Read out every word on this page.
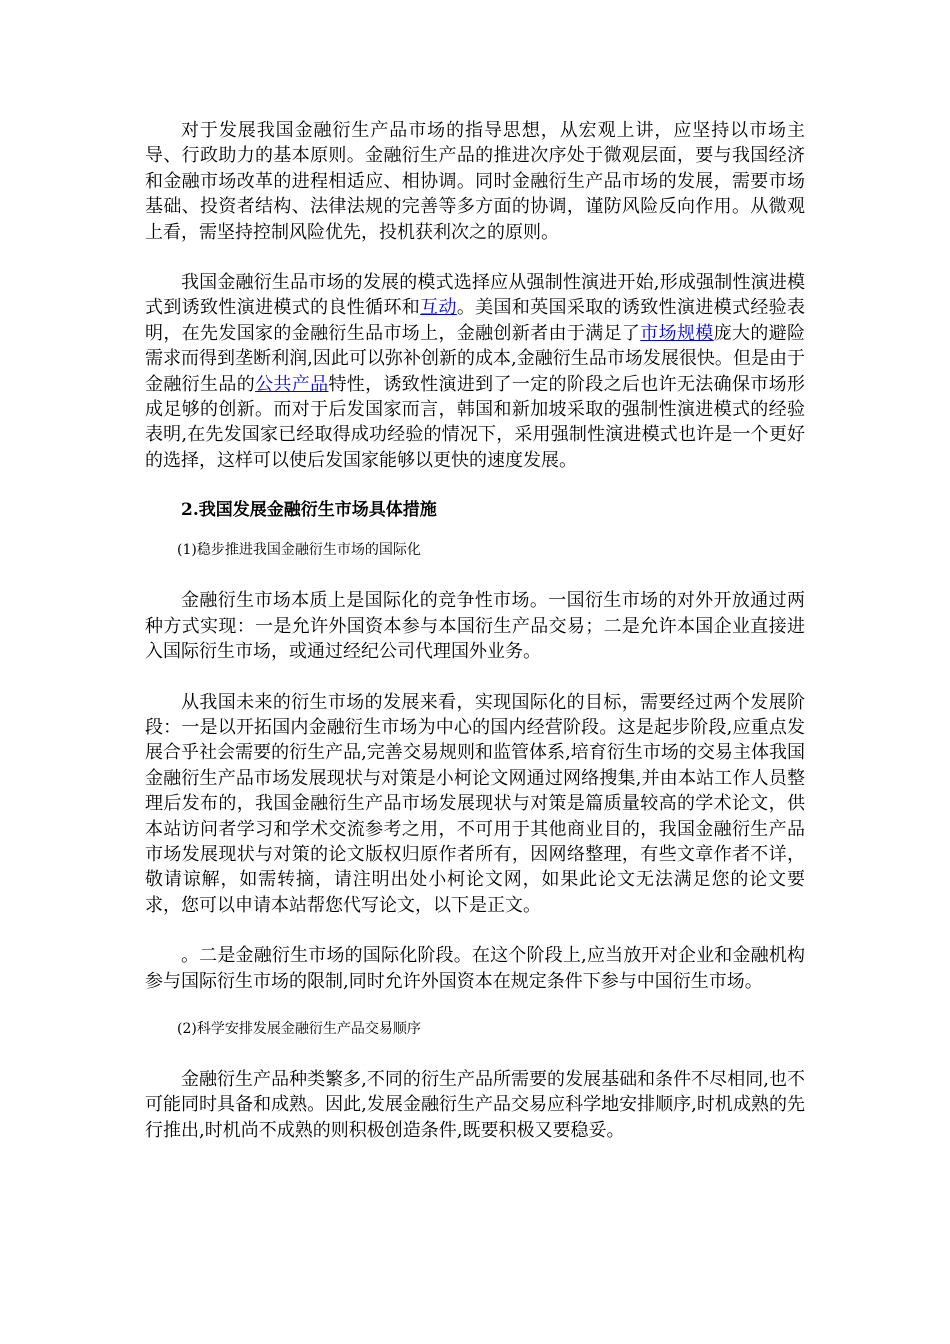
对于发展我国金融衍生产品市场的指导思想，从宏观上讲，应坚持以市场主导、行政助力的基本原则。金融衍生产品的推进次序处于微观层面，要与我国经济和金融市场改革的进程相适应、相协调。同时金融衍生产品市场的发展，需要市场基础、投资者结构、法律法规的完善等多方面的协调，谨防风险反向作用。从微观上看，需坚持控制风险优先，投机获利次之的原则。

我国金融衍生品市场的发展的模式选择应从强制性演进开始,形成强制性演进模式到诱致性演进模式的良性循环和互动。美国和英国采取的诱致性演进模式经验表明，在先发国家的金融衍生品市场上，金融创新者由于满足了市场规模庞大的避险需求而得到垄断利润,因此可以弥补创新的成本,金融衍生品市场发展很快。但是由于金融衍生品的公共产品特性，诱致性演进到了一定的阶段之后也许无法确保市场形成足够的创新。而对于后发国家而言，韩国和新加坡采取的强制性演进模式的经验表明,在先发国家已经取得成功经验的情况下，采用强制性演进模式也许是一个更好的选择，这样可以使后发国家能够以更快的速度发展。

2.我国发展金融衍生市场具体措施
(1)稳步推进我国金融衍生市场的国际化

金融衍生市场本质上是国际化的竞争性市场。一国衍生市场的对外开放通过两种方式实现：一是允许外国资本参与本国衍生产品交易；二是允许本国企业直接进入国际衍生市场，或通过经纪公司代理国外业务。

从我国未来的衍生市场的发展来看，实现国际化的目标，需要经过两个发展阶段：一是以开拓国内金融衍生市场为中心的国内经营阶段。这是起步阶段,应重点发展合乎社会需要的衍生产品,完善交易规则和监管体系,培育衍生市场的交易主体我国金融衍生产品市场发展现状与对策是小柯论文网通过网络搜集,并由本站工作人员整理后发布的，我国金融衍生产品市场发展现状与对策是篇质量较高的学术论文，供本站访问者学习和学术交流参考之用，不可用于其他商业目的，我国金融衍生产品市场发展现状与对策的论文版权归原作者所有，因网络整理，有些文章作者不详，敬请谅解，如需转摘，请注明出处小柯论文网，如果此论文无法满足您的论文要求，您可以申请本站帮您代写论文，以下是正文。

。二是金融衍生市场的国际化阶段。在这个阶段上,应当放开对企业和金融机构参与国际衍生市场的限制,同时允许外国资本在规定条件下参与中国衍生市场。

(2)科学安排发展金融衍生产品交易顺序

金融衍生产品种类繁多,不同的衍生产品所需要的发展基础和条件不尽相同,也不可能同时具备和成熟。因此,发展金融衍生产品交易应科学地安排顺序,时机成熟的先行推出,时机尚不成熟的则积极创造条件,既要积极又要稳妥。
